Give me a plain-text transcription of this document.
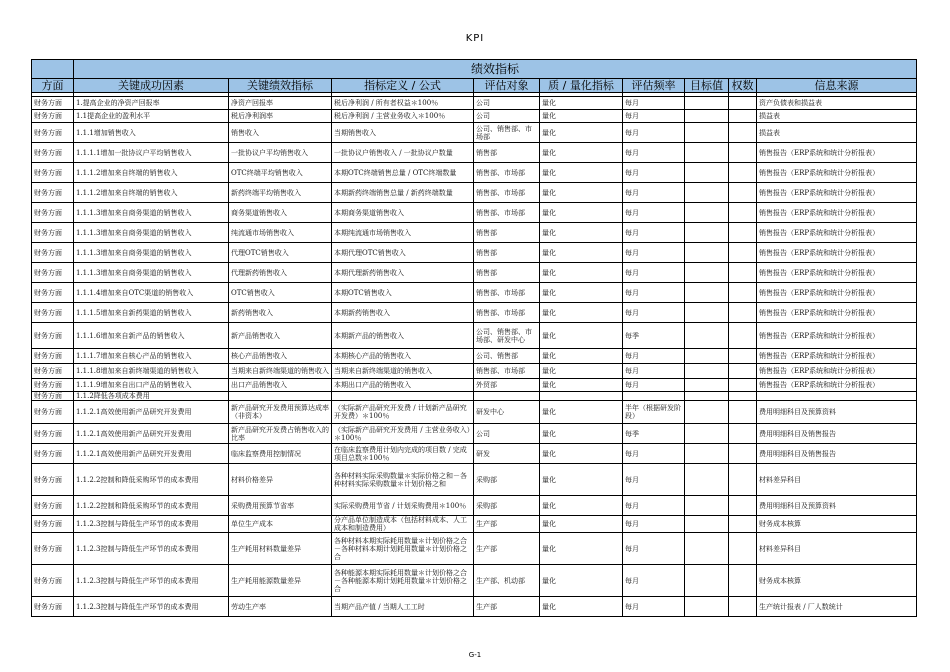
KPI
	绩效指标								
方面	关键成功因素	关键绩效指标	指标定义 / 公式	评估对象	质 / 量化指标	评估频率	目标值	权数	信息来源

财务方面	1.提高企业的净资产回报率	净资产回报率	税后净利润 / 所有者权益＊100％	公司	量化	每月			资产负债表和损益表
财务方面	1.1提高企业的盈利水平	税后净利润率	税后净利润 / 主营业务收入＊100％	公司	量化	每月			损益表
财务方面	1.1.1增加销售收入	销售收入	当期销售收入	公司、销售部、市场部	量化	每月			损益表
财务方面	1.1.1.1增加一批协议户平均销售收入	一批协议户平均销售收入	一批协议户销售收入 / 一批协议户数量	销售部	量化	每月			销售报告（ERP系统和统计分析报表）
财务方面	1.1.1.2增加来自终端的销售收入	OTC终端平均销售收入	本期OTC终端销售总量 / OTC终端数量	销售部、市场部	量化	每月			销售报告（ERP系统和统计分析报表）
财务方面	1.1.1.2增加来自终端的销售收入	新药终端平均销售收入	本期新药终端销售总量 / 新药终端数量	销售部、市场部	量化	每月			销售报告（ERP系统和统计分析报表）
财务方面	1.1.1.3增加来自商务渠道的销售收入	商务渠道销售收入	本期商务渠道销售收入	销售部、市场部	量化	每月			销售报告（ERP系统和统计分析报表）
财务方面	1.1.1.3增加来自商务渠道的销售收入	纯流通市场销售收入	本期纯流通市场销售收入	销售部	量化	每月			销售报告（ERP系统和统计分析报表）
财务方面	1.1.1.3增加来自商务渠道的销售收入	代理OTC销售收入	本期代理OTC销售收入	销售部	量化	每月			销售报告（ERP系统和统计分析报表）
财务方面	1.1.1.3增加来自商务渠道的销售收入	代理新药销售收入	本期代理新药销售收入	销售部	量化	每月			销售报告（ERP系统和统计分析报表）
财务方面	1.1.1.4增加来自OTC渠道的销售收入	OTC销售收入	本期OTC销售收入	销售部、市场部	量化	每月			销售报告（ERP系统和统计分析报表）
财务方面	1.1.1.5增加来自新药渠道的销售收入	新药销售收入	本期新药销售收入	销售部、市场部	量化	每月			销售报告（ERP系统和统计分析报表）
财务方面	1.1.1.6增加来自新产品的销售收入	新产品销售收入	本期新产品的销售收入	公司、销售部、市场部、研发中心	量化	每季			销售报告（ERP系统和统计分析报表）
财务方面	1.1.1.7增加来自核心产品的销售收入	核心产品销售收入	本期核心产品的销售收入	公司、销售部	量化	每月			销售报告（ERP系统和统计分析报表）
财务方面	1.1.1.8增加来自新终端渠道的销售收入	当期来自新终端渠道的销售收入	当期来自新终端渠道的销售收入	销售部、市场部	量化	每月			销售报告（ERP系统和统计分析报表）
财务方面	1.1.1.9增加来自出口产品的销售收入	出口产品销售收入	本期出口产品的销售收入	外贸部	量化	每月			销售报告（ERP系统和统计分析报表）
财务方面	1.1.2降低各项成本费用								
财务方面	1.1.2.1高效使用新产品研究开发费用	新产品研究开发费用预算达成率（非资本）	（实际新产品研究开发费 / 计划新产品研究开发费）＊100％	研发中心	量化	半年（根据研发阶段）			费用明细科目及预算资料
财务方面	1.1.2.1高效使用新产品研究开发费用	新产品研究开发费占销售收入的比率	（实际新产品研究开发费用 / 主营业务收入）＊100％	公司	量化	每季			费用明细科目及销售报告
财务方面	1.1.2.1高效使用新产品研究开发费用	临床监察费用控制情况	在临床监察费用计划内完成的项目数 / 完成项目总数＊100％	研发	量化	每月			费用明细科目及销售报告
财务方面	1.1.2.2控制和降低采购环节的成本费用	材料价格差异	各种材料实际采购数量＊实际价格之和－各种材料实际采购数量＊计划价格之和	采购部	量化	每月			材料差异科目
财务方面	1.1.2.2控制和降低采购环节的成本费用	采购费用预算节省率	实际采购费用节省 / 计划采购费用＊100％	采购部	量化	每月			费用明细科目及预算资料
财务方面	1.1.2.3控制与降低生产环节的成本费用	单位生产成本	分产品单位制造成本（包括材料成本、人工成本和制造费用）	生产部	量化	每月			财务成本核算
财务方面	1.1.2.3控制与降低生产环节的成本费用	生产耗用材料数量差异	各种材料本期实际耗用数量＊计划价格之合－各种材料本期计划耗用数量＊计划价格之合	生产部	量化	每月			材料差异科目
财务方面	1.1.2.3控制与降低生产环节的成本费用	生产耗用能源数量差异	各种能源本期实际耗用数量＊计划价格之合－各种能源本期计划耗用数量＊计划价格之合	生产部、机动部	量化	每月			财务成本核算
财务方面	1.1.2.3控制与降低生产环节的成本费用	劳动生产率	当期产品产值 / 当期人工工时	生产部	量化	每月			生产统计报表 / 厂人数统计
G-1
